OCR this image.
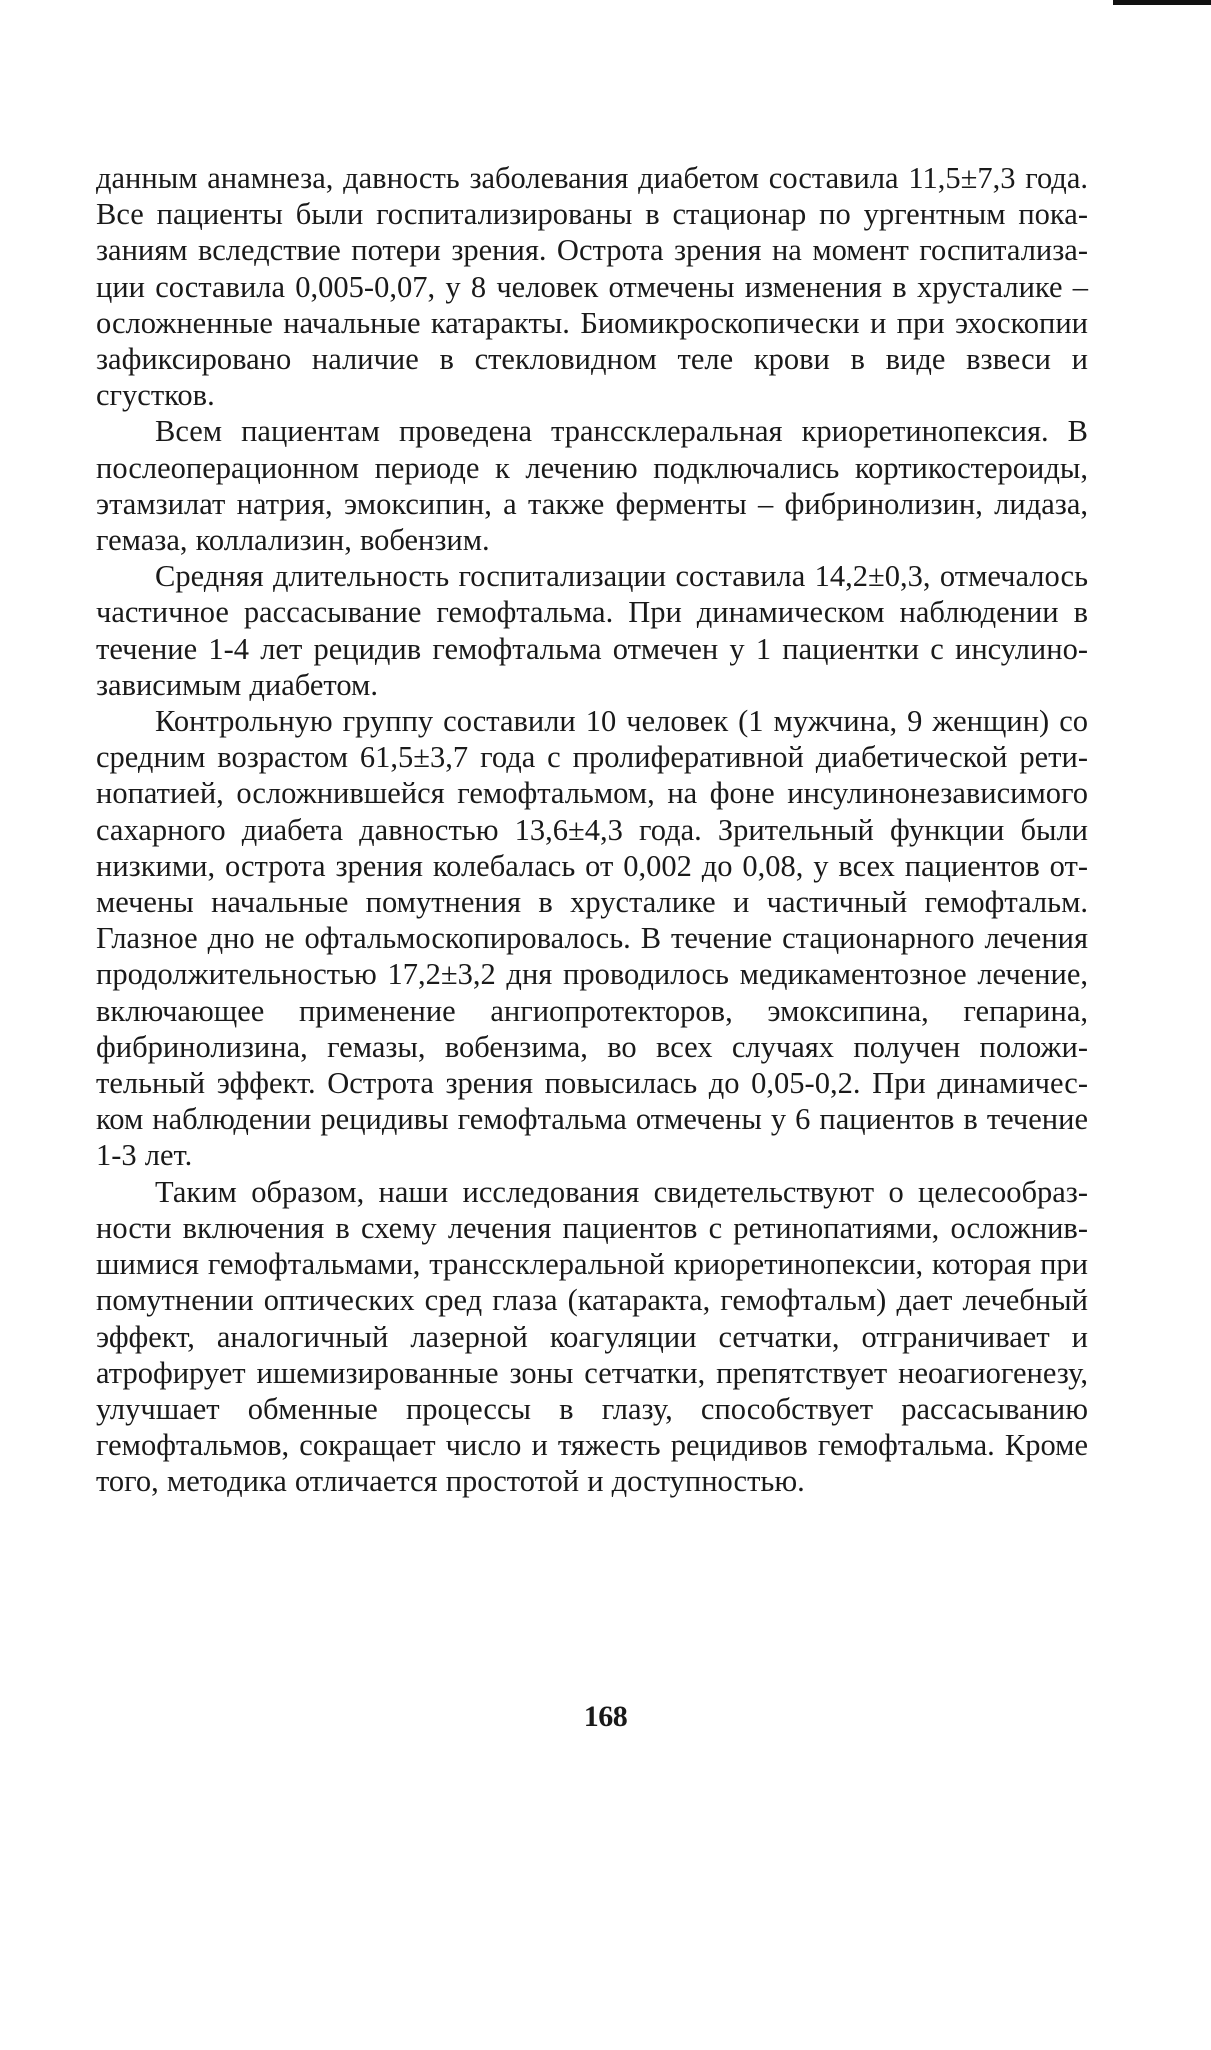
данным анамнеза, давность заболевания диабетом составила 11,5±7,3 года. Все пациенты были госпитализированы в стационар по ургентным показаниям вследствие потери зрения. Острота зрения на момент госпитализации составила 0,005-0,07, у 8 человек отмечены изменения в хрусталике – осложненные начальные катаракты. Биомикроскопически и при эхоскопии зафиксировано наличие в стекловидном теле крови в виде взвеси и сгустков.

Всем пациентам проведена транссклеральная криоретинопексия. В послеоперационном периоде к лечению подключались кортикостероиды, этамзилат натрия, эмоксипин, а также ферменты – фибринолизин, лидаза, гемаза, коллализин, вобензим.

Средняя длительность госпитализации составила 14,2±0,3, отмечалось частичное рассасывание гемофтальма. При динамическом наблюдении в течение 1-4 лет рецидив гемофтальма отмечен у 1 пациентки с инсулинозависимым диабетом.

Контрольную группу составили 10 человек (1 мужчина, 9 женщин) со средним возрастом 61,5±3,7 года с пролиферативной диабетической ретинопатией, осложнившейся гемофтальмом, на фоне инсулинонезависимого сахарного диабета давностью 13,6±4,3 года. Зрительный функции были низкими, острота зрения колебалась от 0,002 до 0,08, у всех пациентов отмечены начальные помутнения в хрусталике и частичный гемофтальм. Глазное дно не офтальмоскопировалось. В течение стационарного лечения продолжительностью 17,2±3,2 дня проводилось медикаментозное лечение, включающее применение ангиопротекторов, эмоксипина, гепарина, фибринолизина, гемазы, вобензима, во всех случаях получен положительный эффект. Острота зрения повысилась до 0,05-0,2. При динамическом наблюдении рецидивы гемофтальма отмечены у 6 пациентов в течение 1-3 лет.

Таким образом, наши исследования свидетельствуют о целесообразности включения в схему лечения пациентов с ретинопатиями, осложнившимися гемофтальмами, транссклеральной криоретинопексии, которая при помутнении оптических сред глаза (катаракта, гемофтальм) дает лечебный эффект, аналогичный лазерной коагуляции сетчатки, отграничивает и атрофирует ишемизированные зоны сетчатки, препятствует неоагиогенезу, улучшает обменные процессы в глазу, способствует рассасыванию гемофтальмов, сокращает число и тяжесть рецидивов гемофтальма. Кроме того, методика отличается простотой и доступностью.

168
